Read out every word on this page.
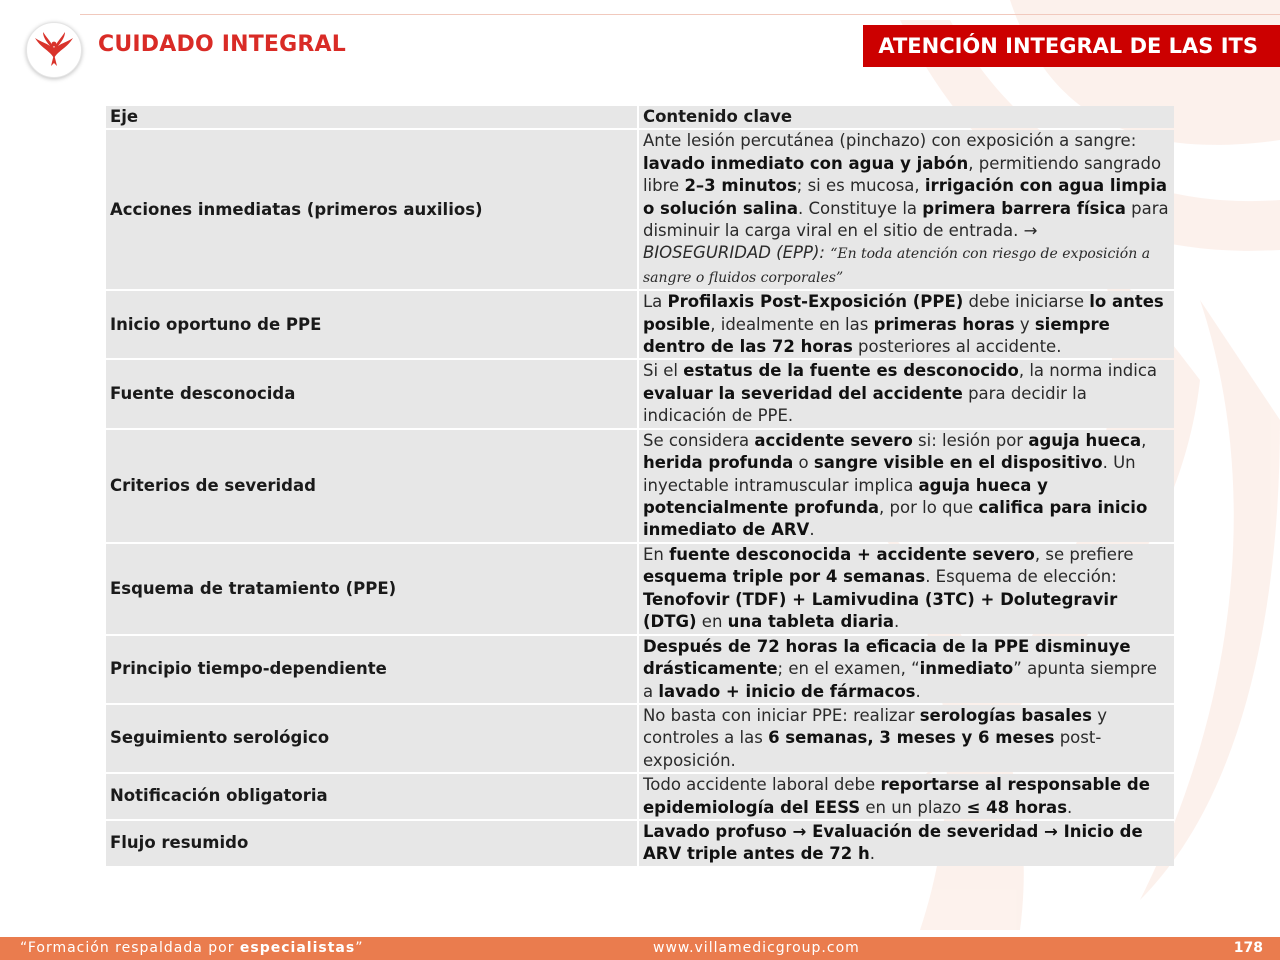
CUIDADO INTEGRAL	ATENCIÓN INTEGRAL DE LAS ITS
Eje	Contenido clave
Acciones inmediatas (primeros auxilios)	Ante lesión percutánea (pinchazo) con exposición a sangre: lavado inmediato con agua y jabón, permitiendo sangrado libre 2–3 minutos; si es mucosa, irrigación con agua limpia o solución salina. Constituye la primera barrera física para disminuir la carga viral en el sitio de entrada. → BIOSEGURIDAD (EPP): “En toda atención con riesgo de exposición a sangre o fluidos corporales”
Inicio oportuno de PPE	La Profilaxis Post-Exposición (PPE) debe iniciarse lo antes posible, idealmente en las primeras horas y siempre dentro de las 72 horas posteriores al accidente.
Fuente desconocida	Si el estatus de la fuente es desconocido, la norma indica evaluar la severidad del accidente para decidir la indicación de PPE.
Criterios de severidad	Se considera accidente severo si: lesión por aguja hueca, herida profunda o sangre visible en el dispositivo. Un inyectable intramuscular implica aguja hueca y potencialmente profunda, por lo que califica para inicio inmediato de ARV.
Esquema de tratamiento (PPE)	En fuente desconocida + accidente severo, se prefiere esquema triple por 4 semanas. Esquema de elección: Tenofovir (TDF) + Lamivudina (3TC) + Dolutegravir (DTG) en una tableta diaria.
Principio tiempo-dependiente	Después de 72 horas la eficacia de la PPE disminuye drásticamente; en el examen, “inmediato” apunta siempre a lavado + inicio de fármacos.
Seguimiento serológico	No basta con iniciar PPE: realizar serologías basales y controles a las 6 semanas, 3 meses y 6 meses post-exposición.
Notificación obligatoria	Todo accidente laboral debe reportarse al responsable de epidemiología del EESS en un plazo ≤ 48 horas.
Flujo resumido	Lavado profuso → Evaluación de severidad → Inicio de ARV triple antes de 72 h.
“Formación respaldada por especialistas”	www.villamedicgroup.com	178
